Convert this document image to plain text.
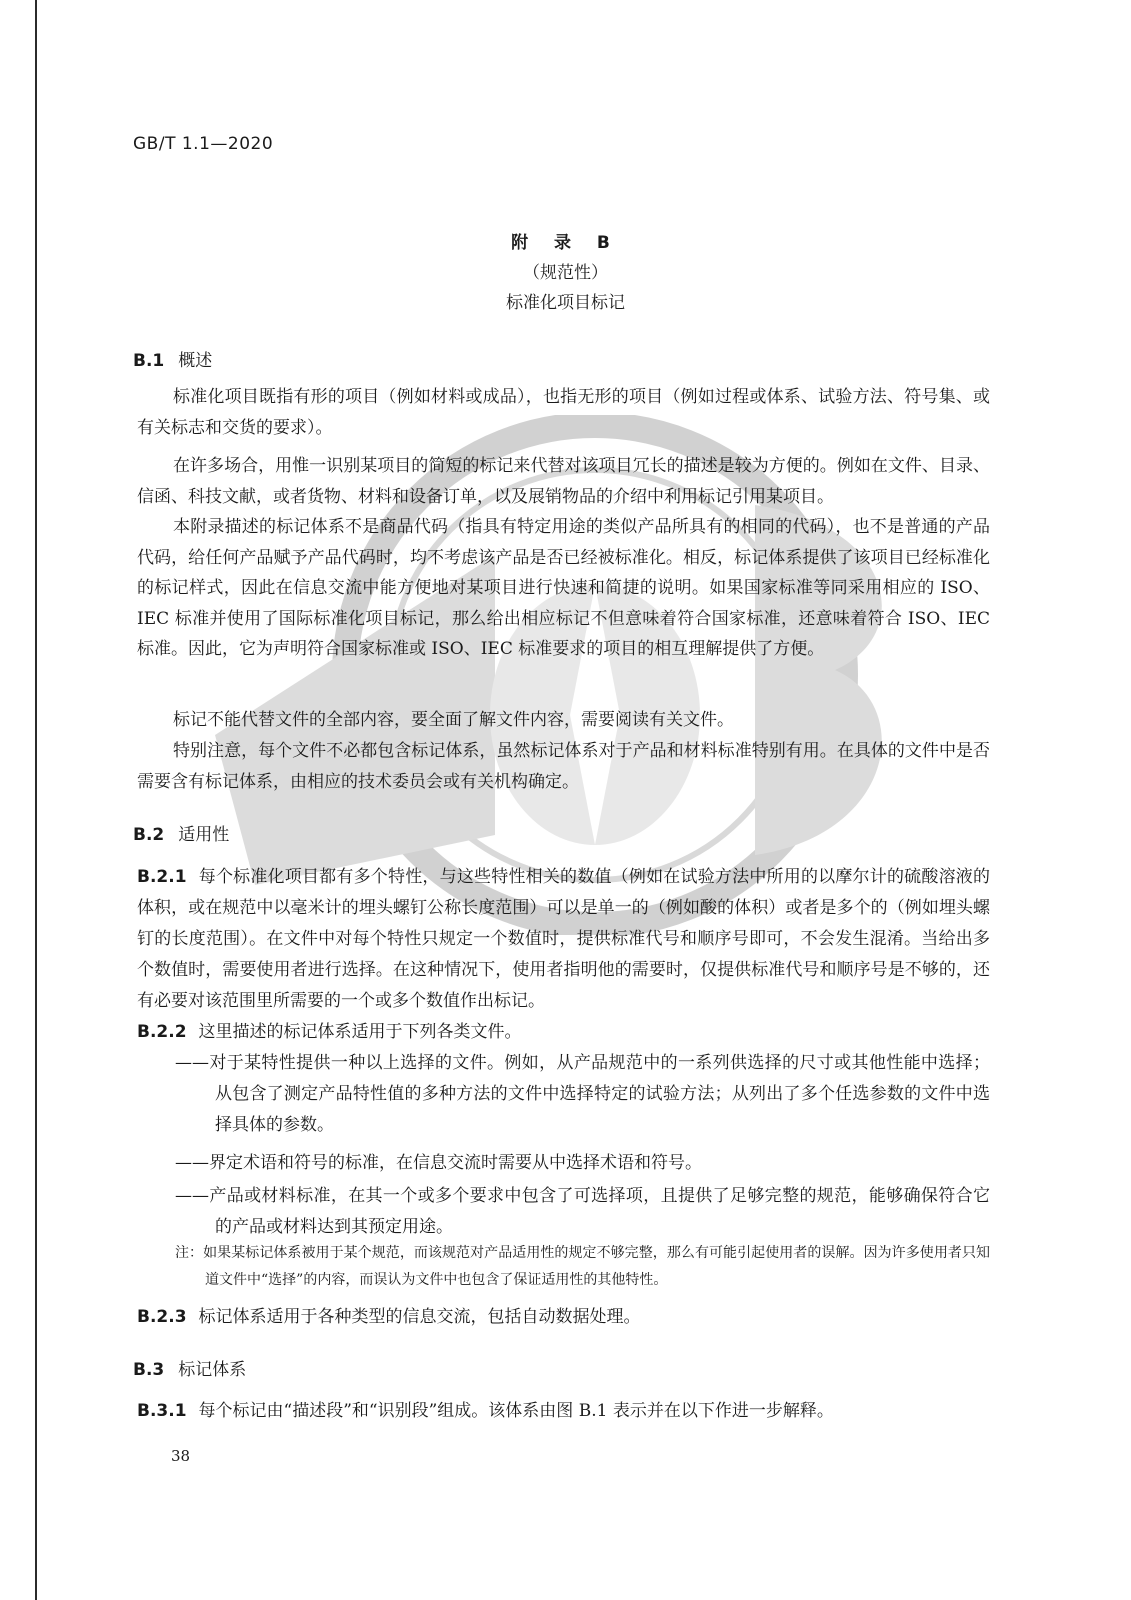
GB/T 1.1—2020
附 录 B
（规范性）
标准化项目标记
B.1 概述
标准化项目既指有形的项目（例如材料或成品），也指无形的项目（例如过程或体系、试验方法、符号集、或有关标志和交货的要求）。
在许多场合，用惟一识别某项目的简短的标记来代替对该项目冗长的描述是较为方便的。例如在文件、目录、信函、科技文献，或者货物、材料和设备订单，以及展销物品的介绍中利用标记引用某项目。
本附录描述的标记体系不是商品代码（指具有特定用途的类似产品所具有的相同的代码），也不是普通的产品代码，给任何产品赋予产品代码时，均不考虑该产品是否已经被标准化。相反，标记体系提供了该项目已经标准化的标记样式，因此在信息交流中能方便地对某项目进行快速和简捷的说明。如果国家标准等同采用相应的 ISO、IEC 标准并使用了国际标准化项目标记，那么给出相应标记不但意味着符合国家标准，还意味着符合 ISO、IEC 标准。因此，它为声明符合国家标准或 ISO、IEC 标准要求的项目的相互理解提供了方便。
标记不能代替文件的全部内容，要全面了解文件内容，需要阅读有关文件。
特别注意，每个文件不必都包含标记体系，虽然标记体系对于产品和材料标准特别有用。在具体的文件中是否需要含有标记体系，由相应的技术委员会或有关机构确定。
B.2 适用性
B.2.1 每个标准化项目都有多个特性，与这些特性相关的数值（例如在试验方法中所用的以摩尔计的硫酸溶液的体积，或在规范中以毫米计的埋头螺钉公称长度范围）可以是单一的（例如酸的体积）或者是多个的（例如埋头螺钉的长度范围）。在文件中对每个特性只规定一个数值时，提供标准代号和顺序号即可，不会发生混淆。当给出多个数值时，需要使用者进行选择。在这种情况下，使用者指明他的需要时，仅提供标准代号和顺序号是不够的，还有必要对该范围里所需要的一个或多个数值作出标记。
B.2.2 这里描述的标记体系适用于下列各类文件。
——对于某特性提供一种以上选择的文件。例如，从产品规范中的一系列供选择的尺寸或其他性能中选择；从包含了测定产品特性值的多种方法的文件中选择特定的试验方法；从列出了多个任选参数的文件中选择具体的参数。
——界定术语和符号的标准，在信息交流时需要从中选择术语和符号。
——产品或材料标准，在其一个或多个要求中包含了可选择项，且提供了足够完整的规范，能够确保符合它的产品或材料达到其预定用途。
注：如果某标记体系被用于某个规范，而该规范对产品适用性的规定不够完整，那么有可能引起使用者的误解。因为许多使用者只知道文件中“选择”的内容，而误认为文件中也包含了保证适用性的其他特性。
B.2.3 标记体系适用于各种类型的信息交流，包括自动数据处理。
B.3 标记体系
B.3.1 每个标记由“描述段”和“识别段”组成。该体系由图 B.1 表示并在以下作进一步解释。
38
